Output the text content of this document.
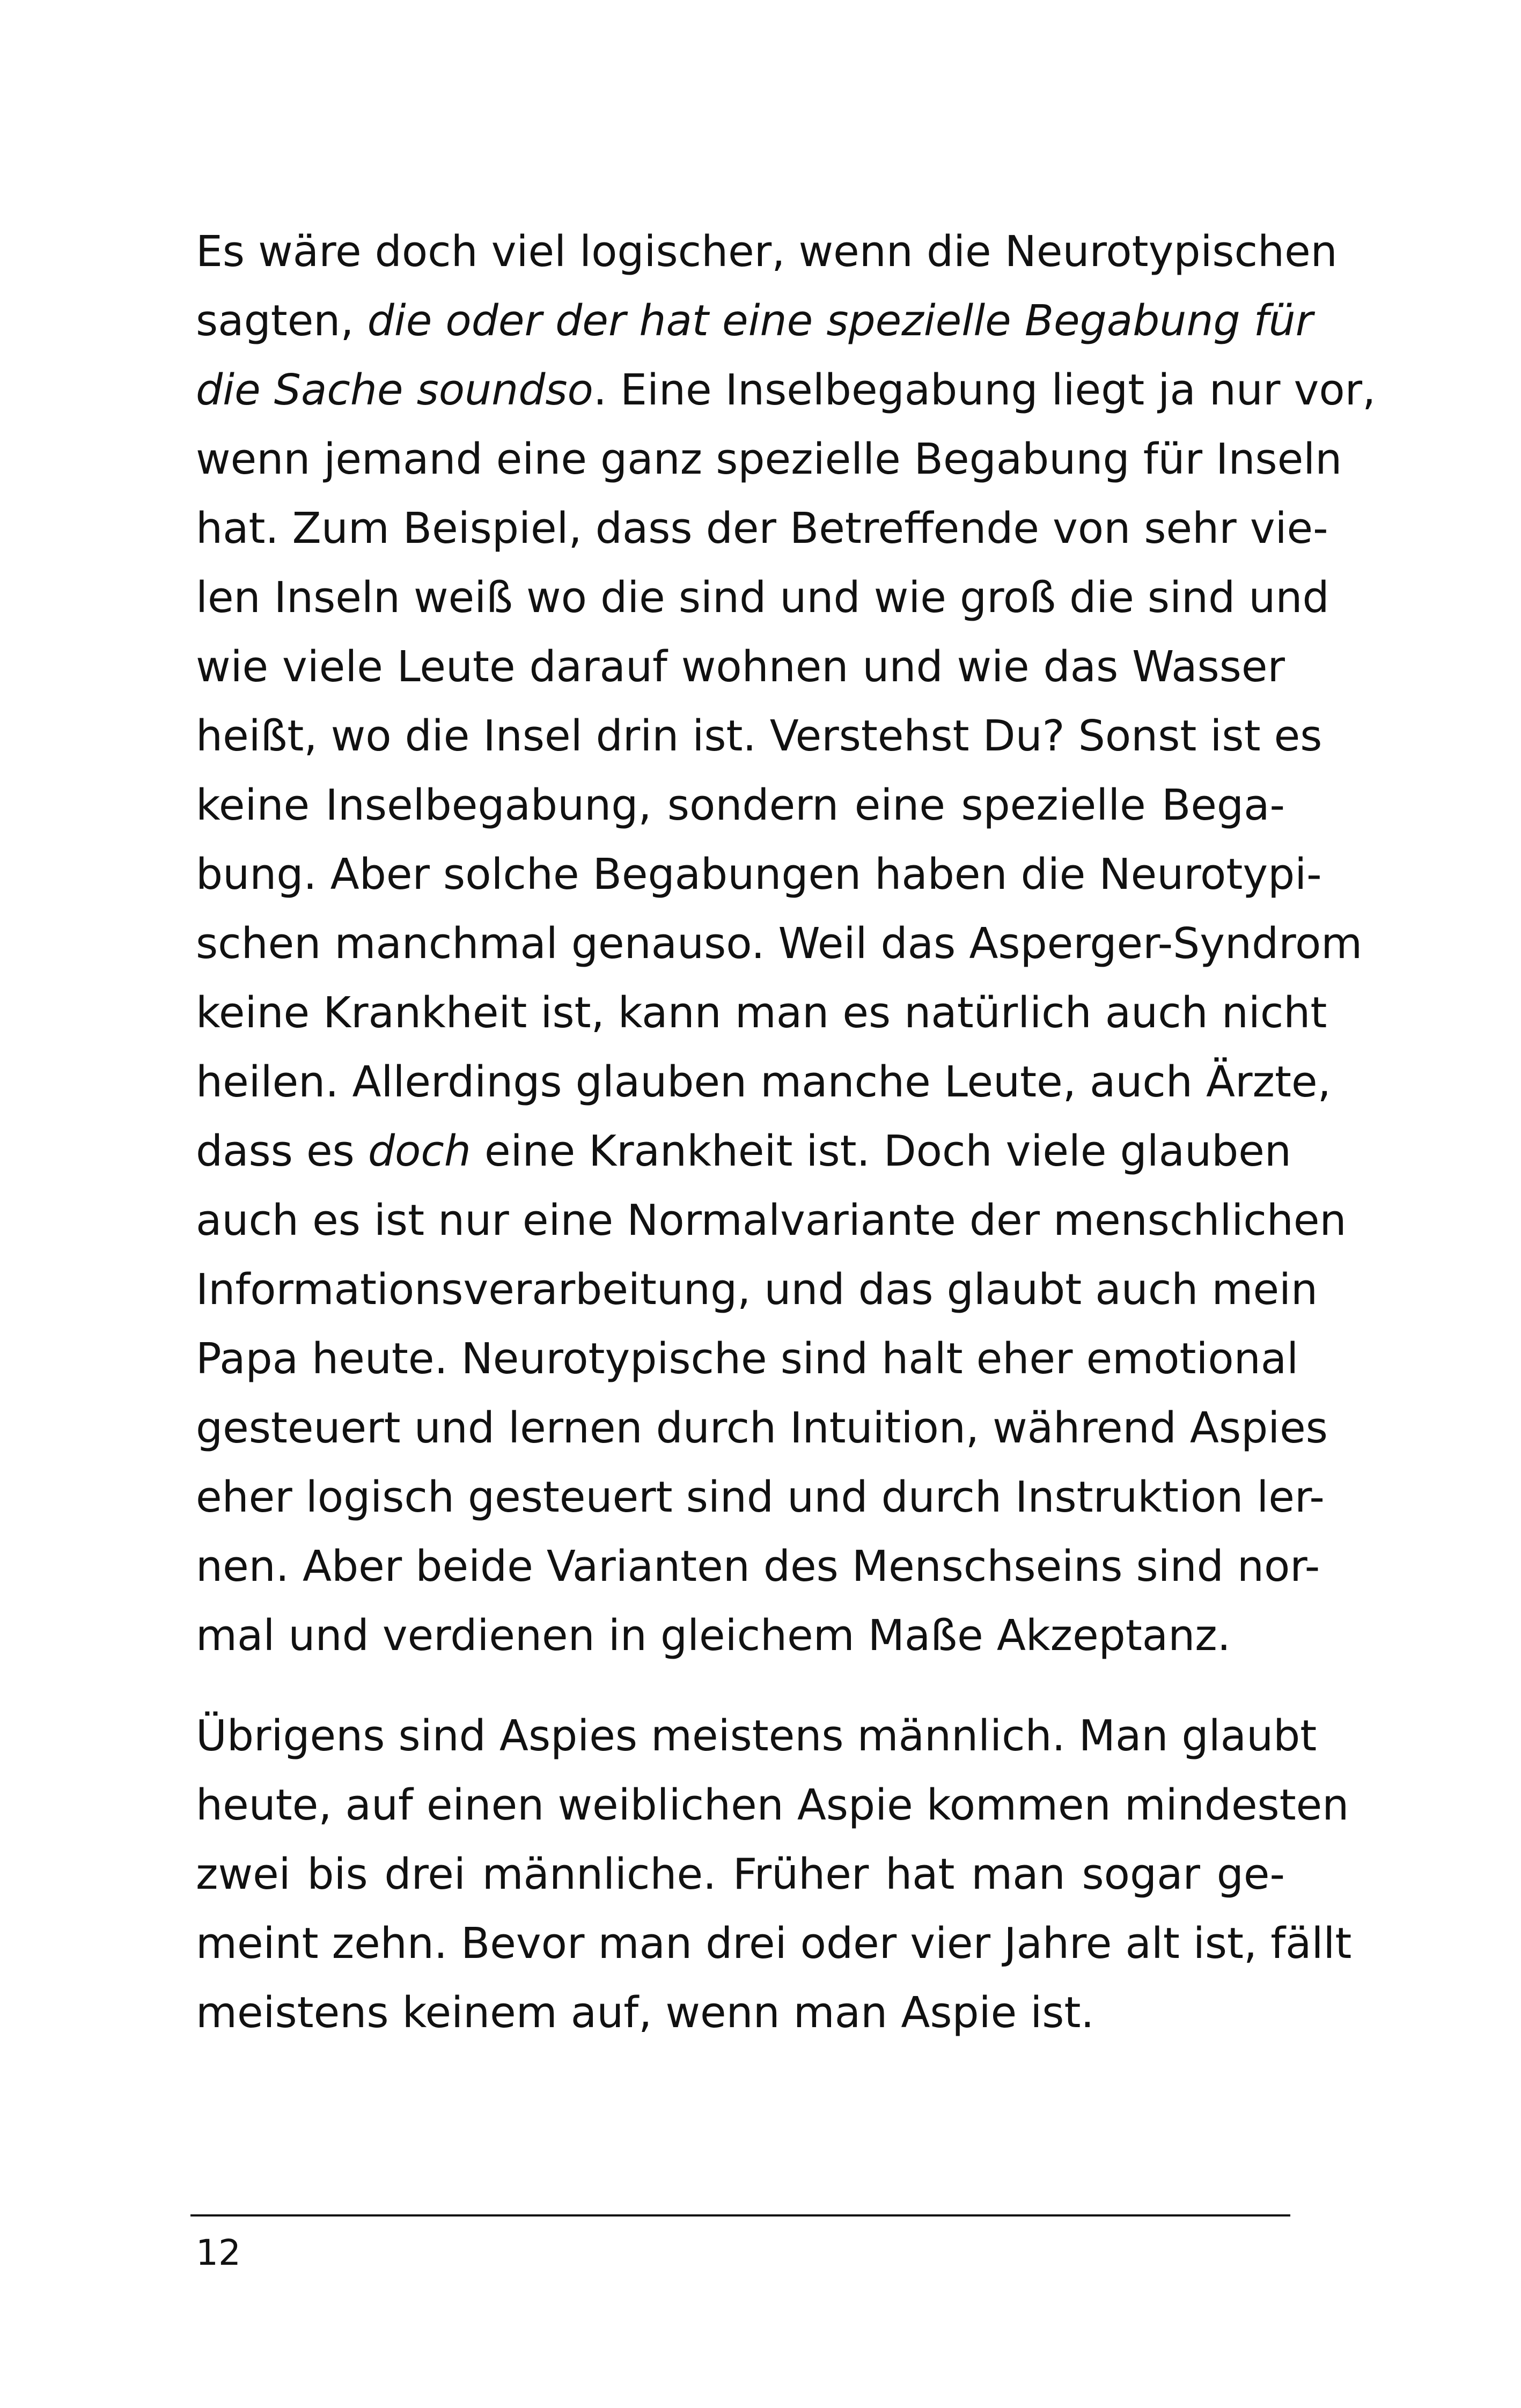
Es wäre doch viel logischer, wenn die Neurotypischen
sagten, die oder der hat eine spezielle Begabung für
die Sache soundso. Eine Inselbegabung liegt ja nur vor,
wenn jemand eine ganz spezielle Begabung für Inseln
hat. Zum Beispiel, dass der Betreffende von sehr vie-
len Inseln weiß wo die sind und wie groß die sind und
wie viele Leute darauf wohnen und wie das Wasser
heißt, wo die Insel drin ist. Verstehst Du? Sonst ist es
keine Inselbegabung, sondern eine spezielle Bega-
bung. Aber solche Begabungen haben die Neurotypi-
schen manchmal genauso. Weil das Asperger-Syndrom
keine Krankheit ist, kann man es natürlich auch nicht
heilen. Allerdings glauben manche Leute, auch Ärzte,
dass es doch eine Krankheit ist. Doch viele glauben
auch es ist nur eine Normalvariante der menschlichen
Informationsverarbeitung, und das glaubt auch mein
Papa heute. Neurotypische sind halt eher emotional
gesteuert und lernen durch Intuition, während Aspies
eher logisch gesteuert sind und durch Instruktion ler-
nen. Aber beide Varianten des Menschseins sind nor-
mal und verdienen in gleichem Maße Akzeptanz.
Übrigens sind Aspies meistens männlich. Man glaubt
heute, auf einen weiblichen Aspie kommen mindesten
zwei bis drei männliche. Früher hat man sogar ge-
meint zehn. Bevor man drei oder vier Jahre alt ist, fällt
meistens keinem auf, wenn man Aspie ist.
12
